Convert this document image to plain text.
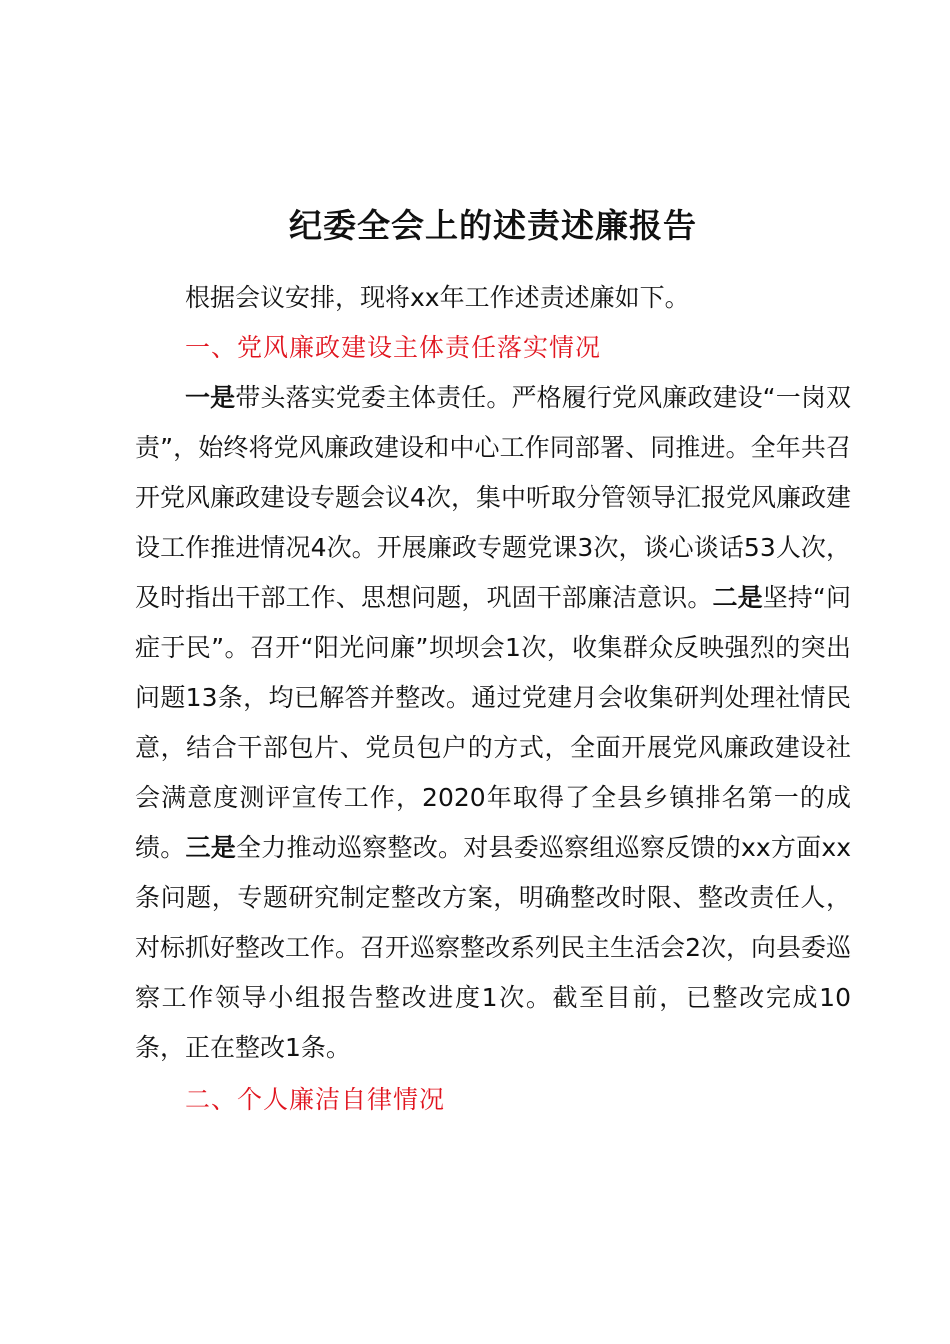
纪委全会上的述责述廉报告

根据会议安排，现将xx年工作述责述廉如下。

一、党风廉政建设主体责任落实情况

一是带头落实党委主体责任。严格履行党风廉政建设“一岗双责”，始终将党风廉政建设和中心工作同部署、同推进。全年共召开党风廉政建设专题会议4次，集中听取分管领导汇报党风廉政建设工作推进情况4次。开展廉政专题党课3次，谈心谈话53人次，及时指出干部工作、思想问题，巩固干部廉洁意识。二是坚持“问症于民”。召开“阳光问廉”坝坝会1次，收集群众反映强烈的突出问题13条，均已解答并整改。通过党建月会收集研判处理社情民意，结合干部包片、党员包户的方式，全面开展党风廉政建设社会满意度测评宣传工作，2020年取得了全县乡镇排名第一的成绩。三是全力推动巡察整改。对县委巡察组巡察反馈的xx方面xx条问题，专题研究制定整改方案，明确整改时限、整改责任人，对标抓好整改工作。召开巡察整改系列民主生活会2次，向县委巡察工作领导小组报告整改进度1次。截至目前，已整改完成10条，正在整改1条。

二、个人廉洁自律情况
